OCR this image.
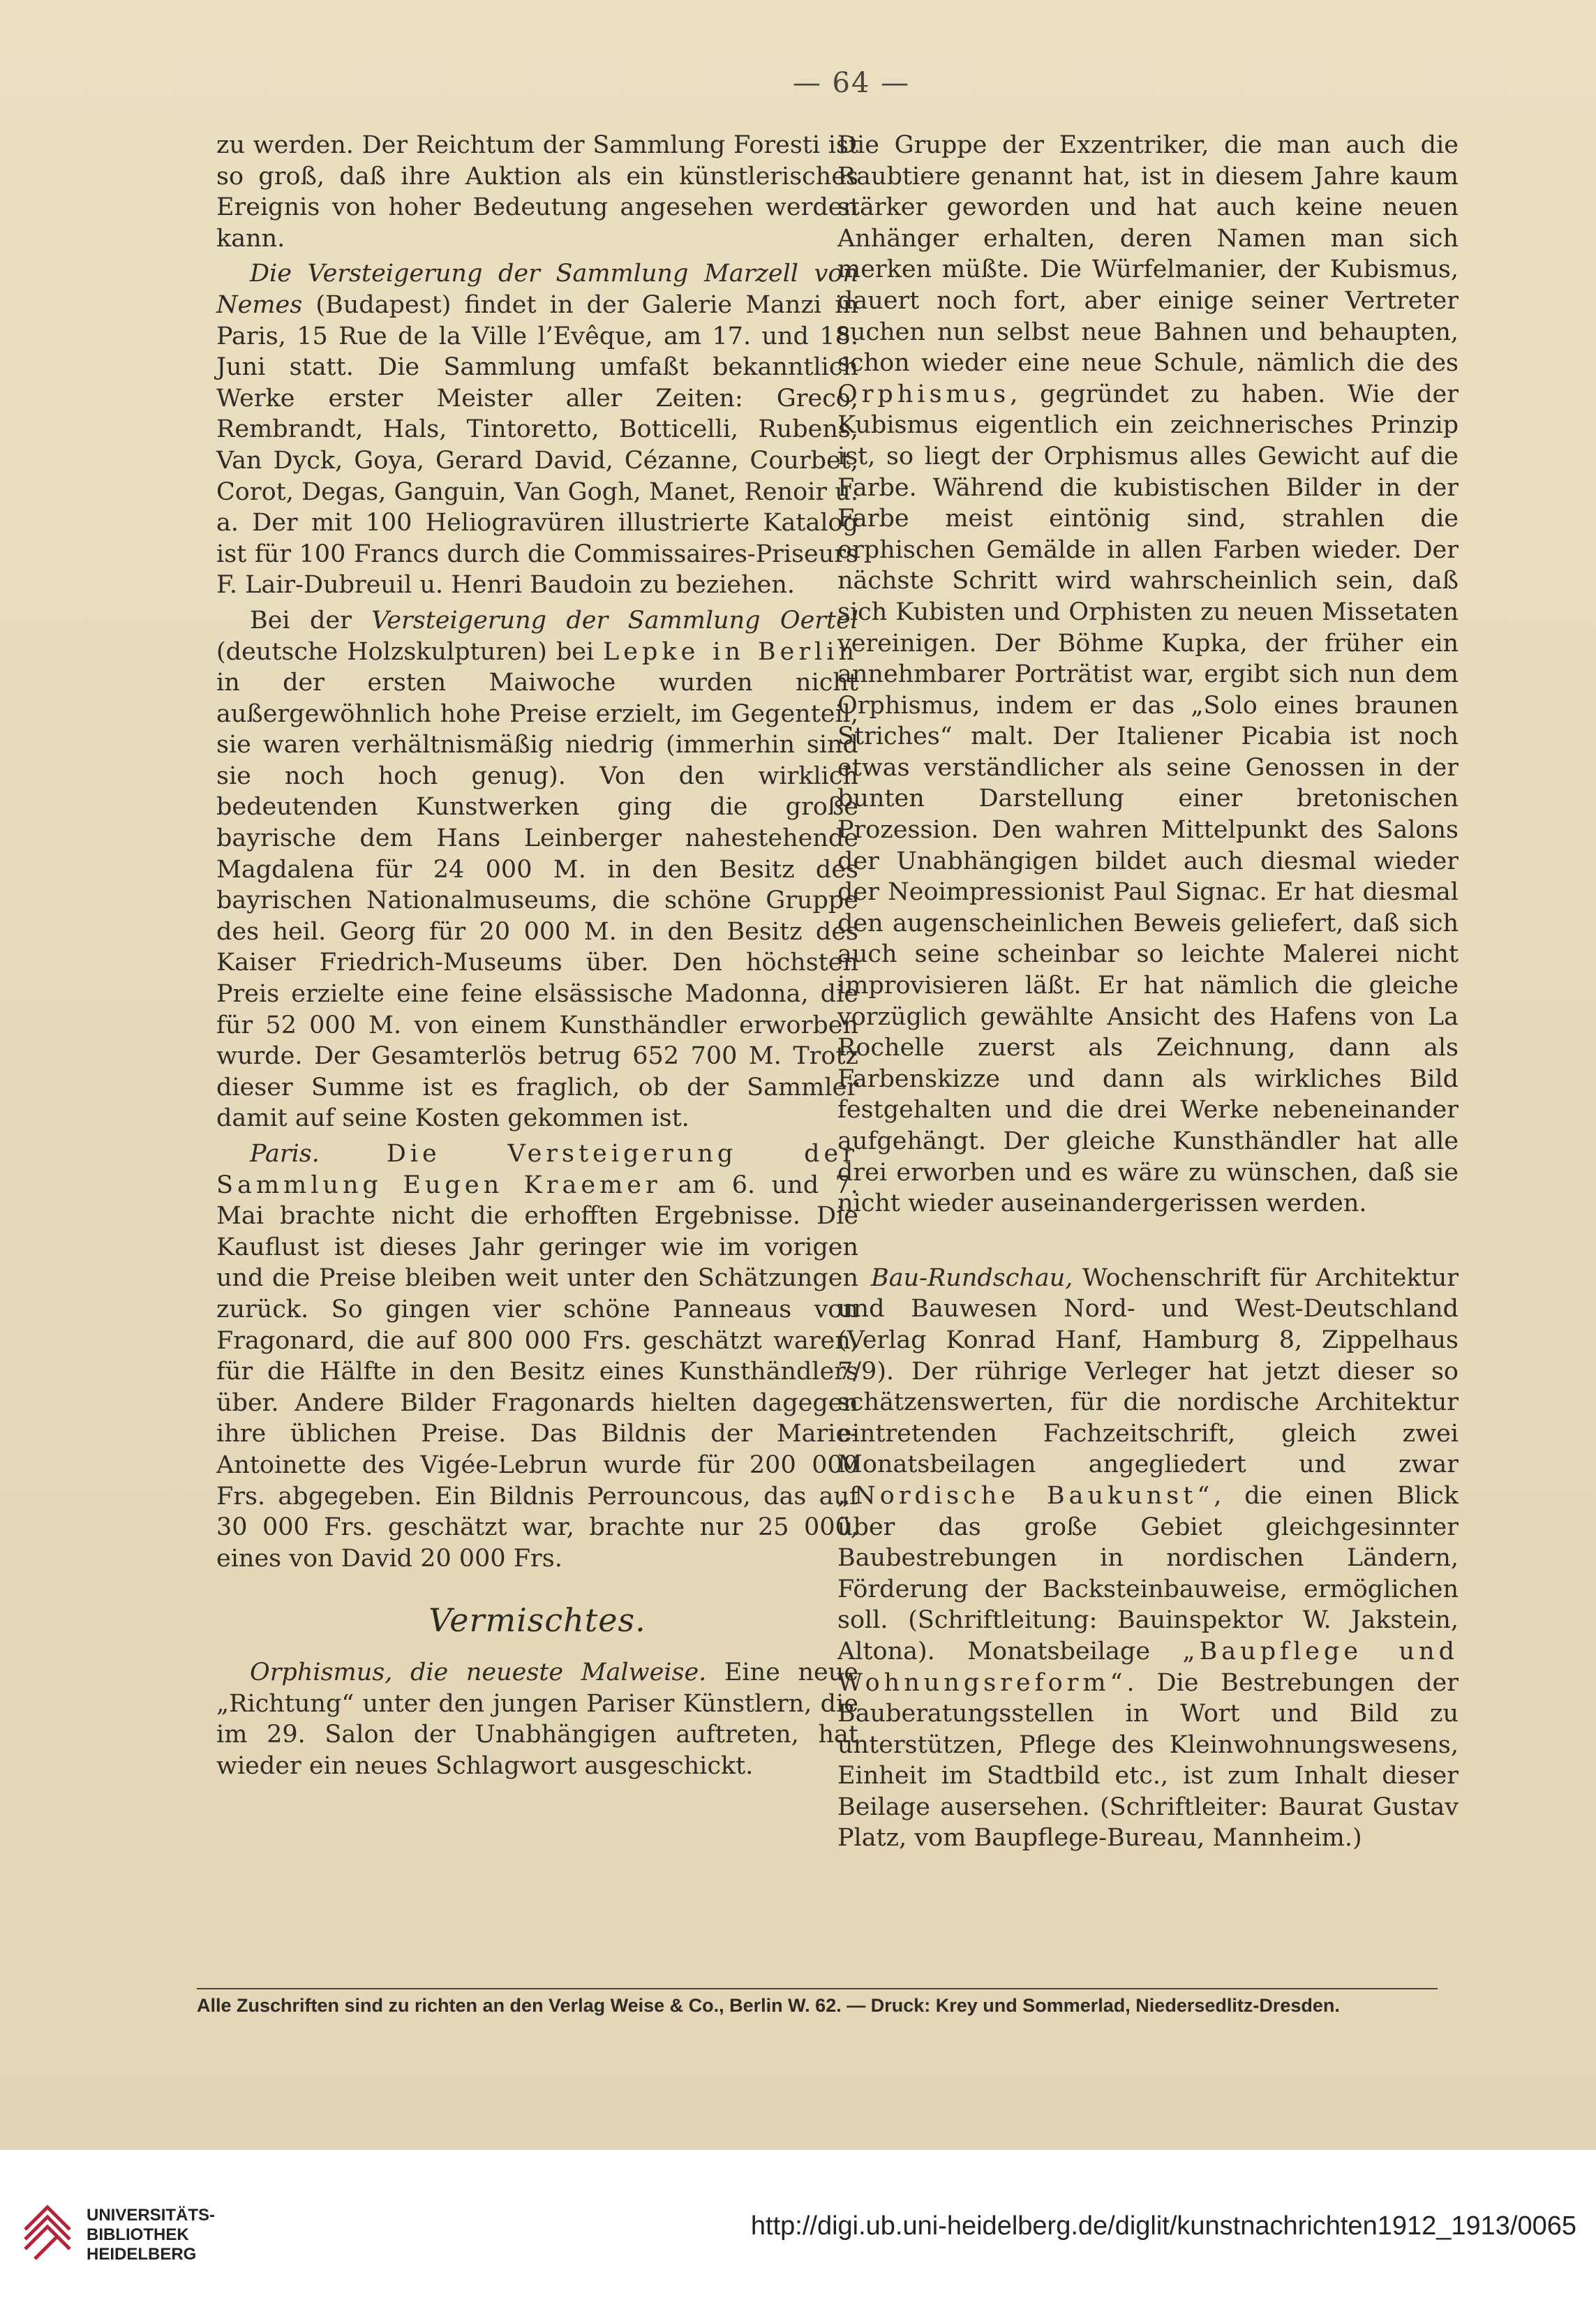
— 64 —

zu werden. Der Reichtum der Sammlung Foresti ist so groß, daß ihre Auktion als ein künstlerisches Ereignis von hoher Bedeutung angesehen werden kann.

Die Versteigerung der Sammlung Marzell von Nemes (Budapest) findet in der Galerie Manzi in Paris, 15 Rue de la Ville l’Evêque, am 17. und 18. Juni statt. Die Sammlung umfaßt bekanntlich Werke erster Meister aller Zeiten: Greco, Rembrandt, Hals, Tintoretto, Botticelli, Rubens, Van Dyck, Goya, Gerard David, Cézanne, Courbet, Corot, Degas, Ganguin, Van Gogh, Manet, Renoir u. a. Der mit 100 Heliogravüren illustrierte Katalog ist für 100 Francs durch die Commissaires-Priseurs F. Lair-Dubreuil u. Henri Baudoin zu beziehen.

Bei der Versteigerung der Sammlung Oertel (deutsche Holzskulpturen) bei Lepke in Berlin in der ersten Maiwoche wurden nicht außergewöhnlich hohe Preise erzielt, im Gegenteil, sie waren verhältnismäßig niedrig (immerhin sind sie noch hoch genug). Von den wirklich bedeutenden Kunstwerken ging die große bayrische dem Hans Leinberger nahestehende Magdalena für 24 000 M. in den Besitz des bayrischen Nationalmuseums, die schöne Gruppe des heil. Georg für 20 000 M. in den Besitz des Kaiser Friedrich-Museums über. Den höchsten Preis erzielte eine feine elsässische Madonna, die für 52 000 M. von einem Kunsthändler erworben wurde. Der Gesamterlös betrug 652 700 M. Trotz dieser Summe ist es fraglich, ob der Sammler damit auf seine Kosten gekommen ist.

Paris. Die Versteigerung der Sammlung Eugen Kraemer am 6. und 7. Mai brachte nicht die erhofften Ergebnisse. Die Kauflust ist dieses Jahr geringer wie im vorigen und die Preise bleiben weit unter den Schätzungen zurück. So gingen vier schöne Panneaus von Fragonard, die auf 800 000 Frs. geschätzt waren, für die Hälfte in den Besitz eines Kunsthändlers über. Andere Bilder Fragonards hielten dagegen ihre üblichen Preise. Das Bildnis der Marie-Antoinette des Vigée-Lebrun wurde für 200 000 Frs. abgegeben. Ein Bildnis Perrouncous, das auf 30 000 Frs. geschätzt war, brachte nur 25 000, eines von David 20 000 Frs.

Vermischtes.

Orphismus, die neueste Malweise. Eine neue „Richtung“ unter den jungen Pariser Künstlern, die im 29. Salon der Unabhängigen auftreten, hat wieder ein neues Schlagwort ausgeschickt.

Die Gruppe der Exzentriker, die man auch die Raubtiere genannt hat, ist in diesem Jahre kaum stärker geworden und hat auch keine neuen Anhänger erhalten, deren Namen man sich merken müßte. Die Würfelmanier, der Kubismus, dauert noch fort, aber einige seiner Vertreter suchen nun selbst neue Bahnen und behaupten, schon wieder eine neue Schule, nämlich die des Orphismus, gegründet zu haben. Wie der Kubismus eigentlich ein zeichnerisches Prinzip ist, so liegt der Orphismus alles Gewicht auf die Farbe. Während die kubistischen Bilder in der Farbe meist eintönig sind, strahlen die orphischen Gemälde in allen Farben wieder. Der nächste Schritt wird wahrscheinlich sein, daß sich Kubisten und Orphisten zu neuen Missetaten vereinigen. Der Böhme Kupka, der früher ein annehmbarer Porträtist war, ergibt sich nun dem Orphismus, indem er das „Solo eines braunen Striches“ malt. Der Italiener Picabia ist noch etwas verständlicher als seine Genossen in der bunten Darstellung einer bretonischen Prozession. Den wahren Mittelpunkt des Salons der Unabhängigen bildet auch diesmal wieder der Neoimpressionist Paul Signac. Er hat diesmal den augenscheinlichen Beweis geliefert, daß sich auch seine scheinbar so leichte Malerei nicht improvisieren läßt. Er hat nämlich die gleiche vorzüglich gewählte Ansicht des Hafens von La Rochelle zuerst als Zeichnung, dann als Farbenskizze und dann als wirkliches Bild festgehalten und die drei Werke nebeneinander aufgehängt. Der gleiche Kunsthändler hat alle drei erworben und es wäre zu wünschen, daß sie nicht wieder auseinandergerissen werden.

Bau-Rundschau, Wochenschrift für Architektur und Bauwesen Nord- und West-Deutschland (Verlag Konrad Hanf, Hamburg 8, Zippelhaus 7/9). Der rührige Verleger hat jetzt dieser so schätzenswerten, für die nordische Architektur eintretenden Fachzeitschrift, gleich zwei Monatsbeilagen angegliedert und zwar „Nordische Baukunst“, die einen Blick über das große Gebiet gleichgesinnter Baubestrebungen in nordischen Ländern, Förderung der Backsteinbauweise, ermöglichen soll. (Schriftleitung: Bauinspektor W. Jakstein, Altona). Monatsbeilage „Baupflege und Wohnungsreform“. Die Bestrebungen der Bauberatungsstellen in Wort und Bild zu unterstützen, Pflege des Kleinwohnungswesens, Einheit im Stadtbild etc., ist zum Inhalt dieser Beilage ausersehen. (Schriftleiter: Baurat Gustav Platz, vom Baupflege-Bureau, Mannheim.)

Alle Zuschriften sind zu richten an den Verlag Weise & Co., Berlin W. 62. — Druck: Krey und Sommerlad, Niedersedlitz-Dresden.
UNIVERSITÄTS-
BIBLIOTHEK
HEIDELBERG
http://digi.ub.uni-heidelberg.de/diglit/kunstnachrichten1912_1913/0065
